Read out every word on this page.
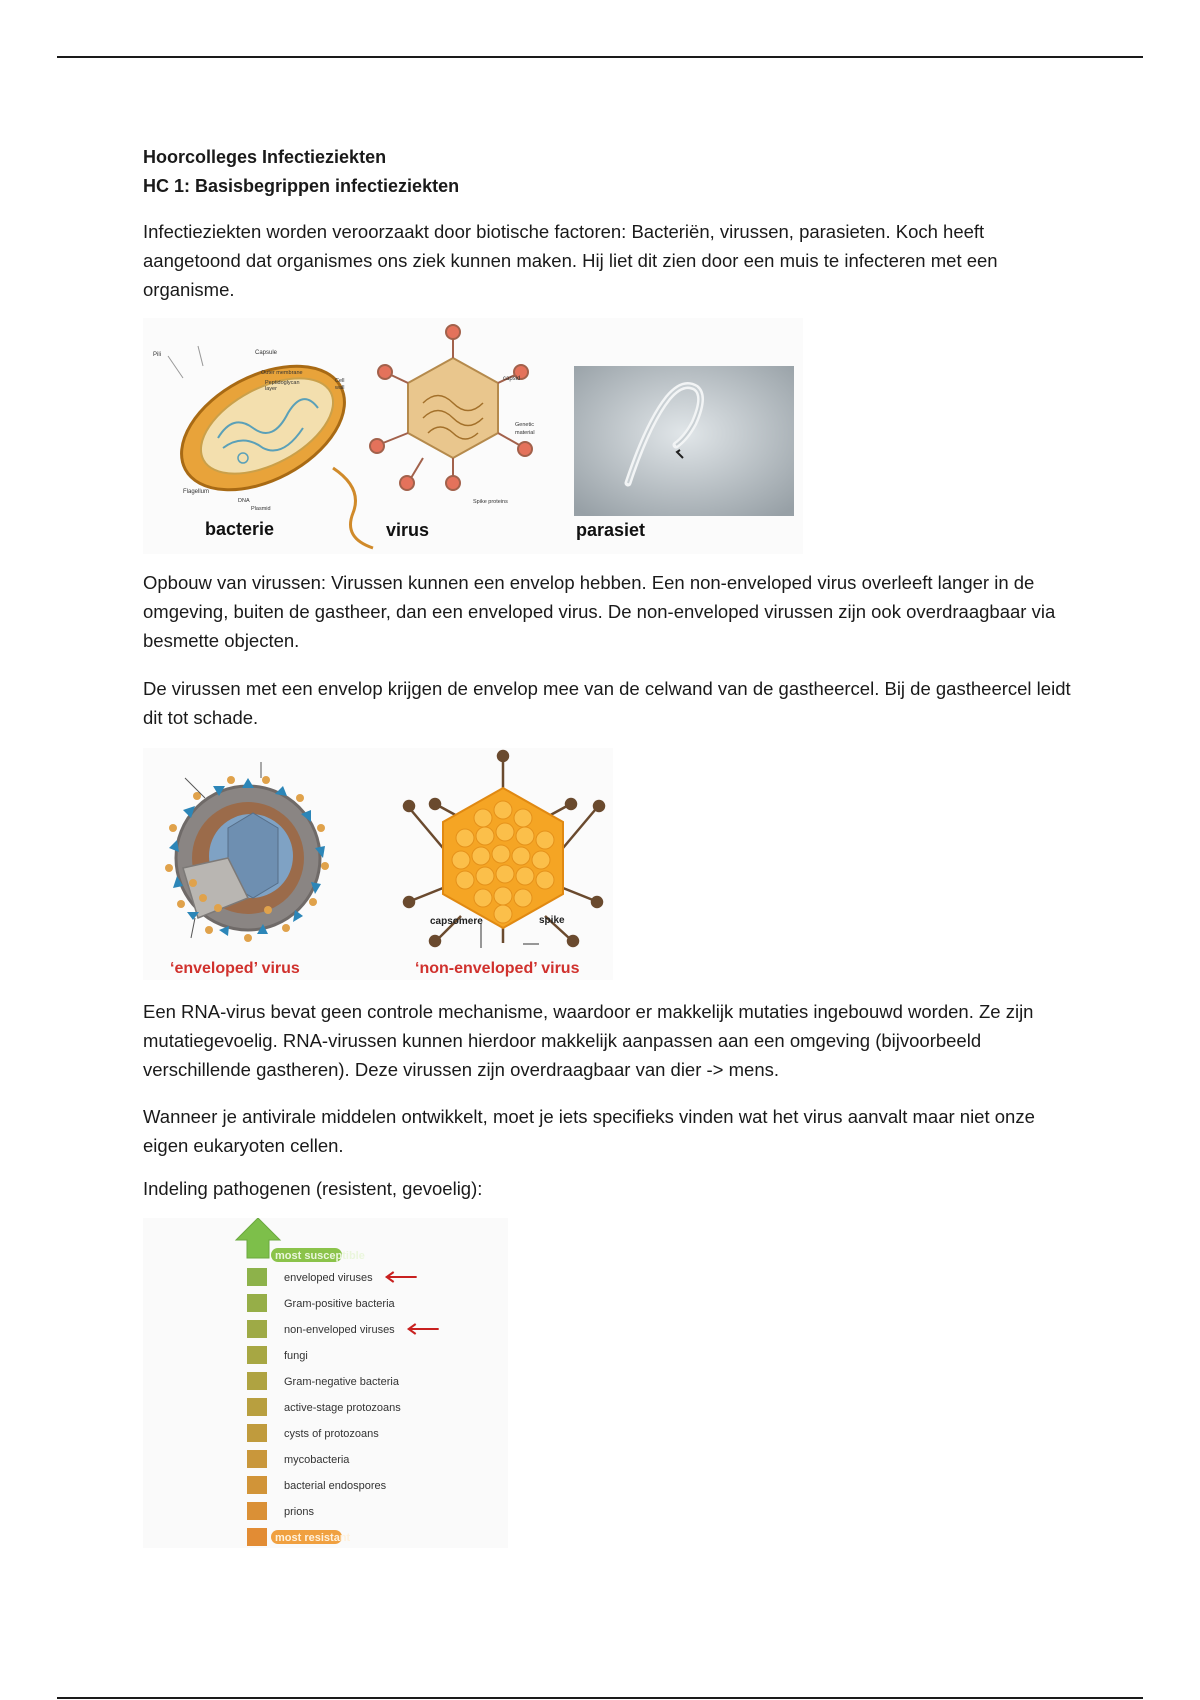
Hoorcolleges Infectieziekten
HC 1: Basisbegrippen infectieziekten

Infectieziekten worden veroorzaakt door biotische factoren: Bacteriën, virussen, parasieten. Koch heeft aangetoond dat organismes ons ziek kunnen maken. Hij liet dit zien door een muis te infecteren met een organisme.

Pili	Capsule
Outer membrane
Peptidoglycan
layer
Cell
wall
Flagellum
DNA
Plasmid
bacterie
capsid
Genetic
material
Spike proteins
virus	parasiet

Opbouw van virussen: Virussen kunnen een envelop hebben. Een non-enveloped virus overleeft langer in de omgeving, buiten de gastheer, dan een enveloped virus. De non-enveloped virussen zijn ook overdraagbaar via besmette objecten.

De virussen met een envelop krijgen de envelop mee van de celwand van de gastheercel. Bij de gastheercel leidt dit tot schade.

‘enveloped’ virus
capsomere	spike
‘non-enveloped’ virus

Een RNA-virus bevat geen controle mechanisme, waardoor er makkelijk mutaties ingebouwd worden. Ze zijn mutatiegevoelig. RNA-virussen kunnen hierdoor makkelijk aanpassen aan een omgeving (bijvoorbeeld verschillende gastheren). Deze virussen zijn overdraagbaar van dier -> mens.

Wanneer je antivirale middelen ontwikkelt, moet je iets specifieks vinden wat het virus aanvalt maar niet onze eigen eukaryoten cellen.

Indeling pathogenen (resistent, gevoelig):

most susceptible
enveloped viruses
Gram-positive bacteria
non-enveloped viruses
fungi
Gram-negative bacteria
active-stage protozoans
cysts of protozoans
mycobacteria
bacterial endospores
prions
most resistant
